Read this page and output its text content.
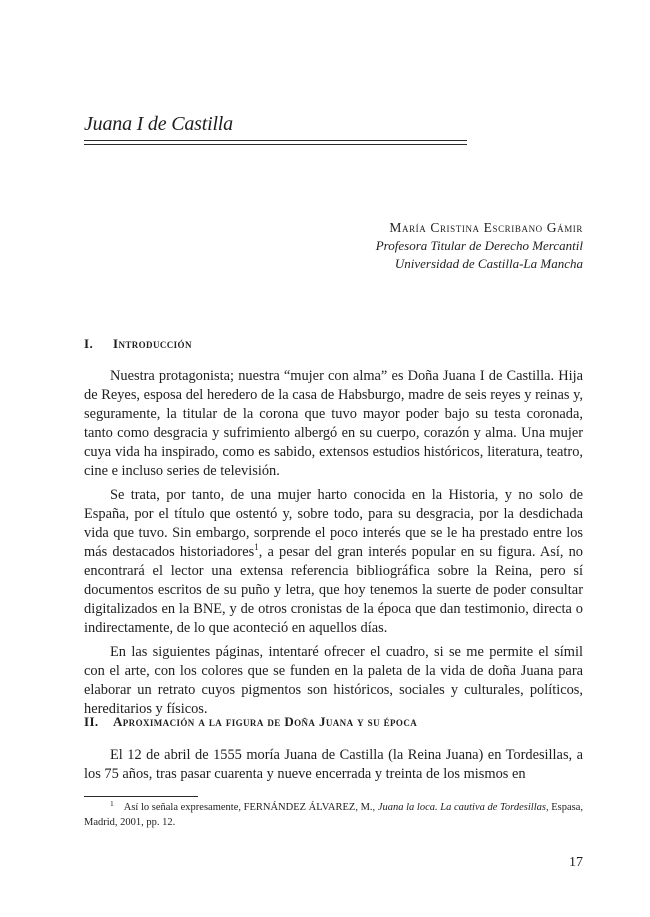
Juana I de Castilla
María Cristina Escribano Gámir
Profesora Titular de Derecho Mercantil
Universidad de Castilla-La Mancha
I. Introducción

Nuestra protagonista; nuestra “mujer con alma” es Doña Juana I de Castilla. Hija de Reyes, esposa del heredero de la casa de Habsburgo, madre de seis reyes y reinas y, seguramente, la titular de la corona que tuvo mayor poder bajo su testa coronada, tanto como desgracia y sufrimiento albergó en su cuerpo, corazón y alma. Una mujer cuya vida ha inspirado, como es sabido, extensos estudios históricos, literatura, teatro, cine e incluso series de televisión.

Se trata, por tanto, de una mujer harto conocida en la Historia, y no solo de España, por el título que ostentó y, sobre todo, para su desgracia, por la desdichada vida que tuvo. Sin embargo, sorprende el poco interés que se le ha prestado entre los más destacados historiadores$^1$, a pesar del gran interés popular en su figura. Así, no encontrará el lector una extensa referencia bibliográfica sobre la Reina, pero sí documentos escritos de su puño y letra, que hoy tenemos la suerte de poder consultar digitalizados en la BNE, y de otros cronistas de la época que dan testimonio, directa o indirectamente, de lo que aconteció en aquellos días.

En las siguientes páginas, intentaré ofrecer el cuadro, si se me permite el símil con el arte, con los colores que se funden en la paleta de la vida de doña Juana para elaborar un retrato cuyos pigmentos son históricos, sociales y culturales, políticos, hereditarios y físicos.

II. Aproximación a la figura de Doña Juana y su época

El 12 de abril de 1555 moría Juana de Castilla (la Reina Juana) en Tordesillas, a los 75 años, tras pasar cuarenta y nueve encerrada y treinta de los mismos en

$^1$ Así lo señala expresamente, FERNÁNDEZ ÁLVAREZ, M., Juana la loca. La cautiva de Tordesillas, Espasa, Madrid, 2001, pp. 12.
17
